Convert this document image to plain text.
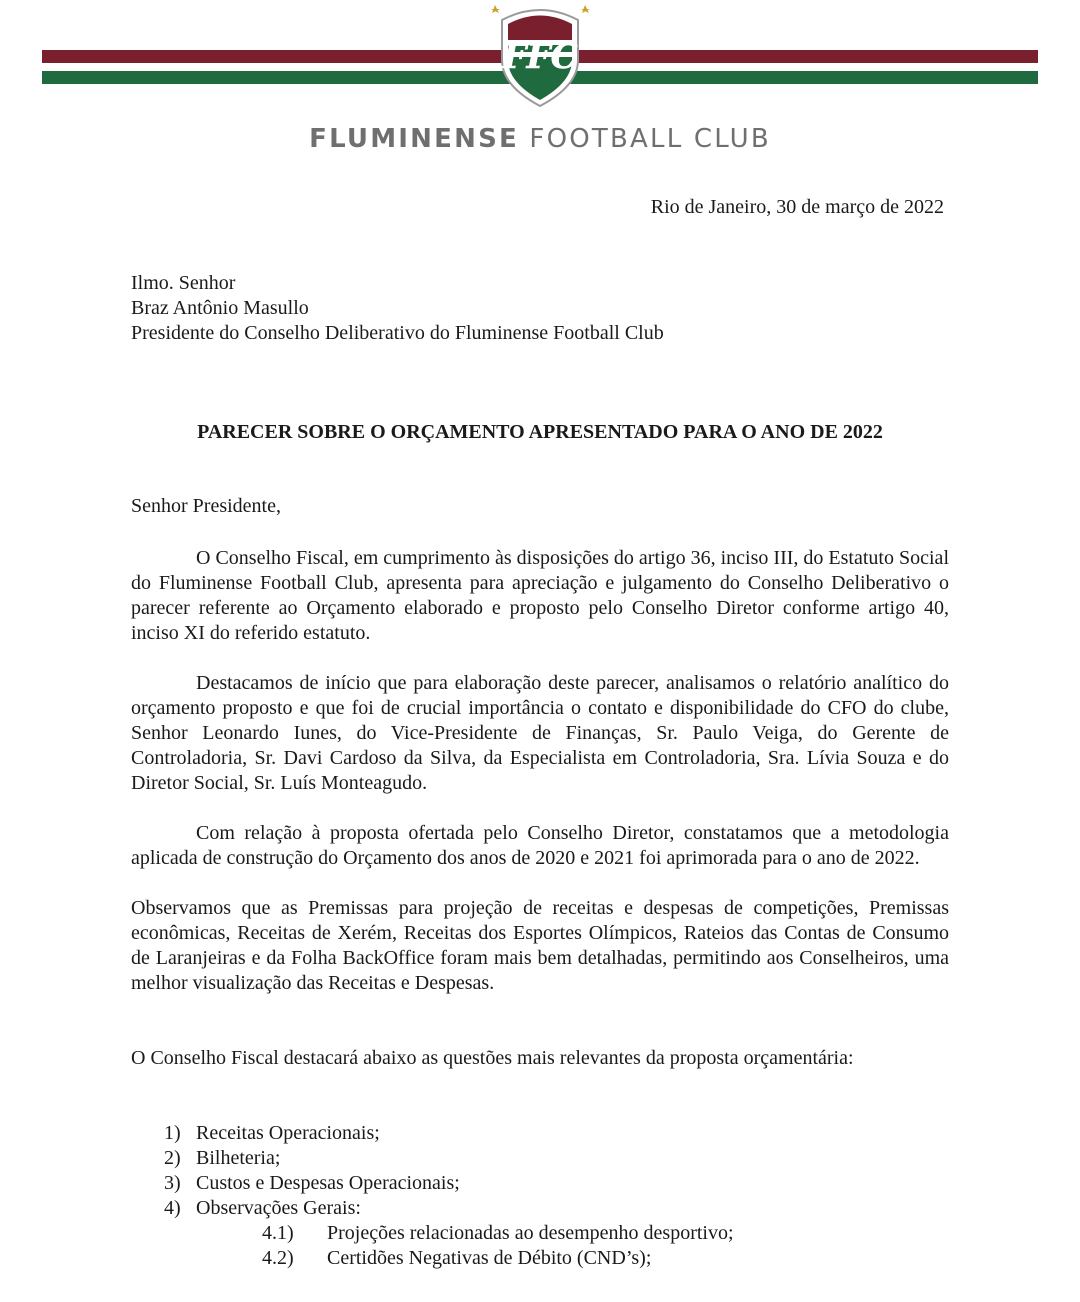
FFC
FLUMINENSE FOOTBALL CLUB
Rio de Janeiro, 30 de março de 2022
Ilmo. Senhor
Braz Antônio Masullo
Presidente do Conselho Deliberativo do Fluminense Football Club
PARECER SOBRE O ORÇAMENTO APRESENTADO PARA O ANO DE 2022
Senhor Presidente,

O Conselho Fiscal, em cumprimento às disposições do artigo 36, inciso III, do Estatuto Social do Fluminense Football Club, apresenta para apreciação e julgamento do Conselho Deliberativo o parecer referente ao Orçamento elaborado e proposto pelo Conselho Diretor conforme artigo 40, inciso XI do referido estatuto.

Destacamos de início que para elaboração deste parecer, analisamos o relatório analítico do orçamento proposto e que foi de crucial importância o contato e disponibilidade do CFO do clube, Senhor Leonardo Iunes, do Vice-Presidente de Finanças, Sr. Paulo Veiga, do Gerente de Controladoria, Sr. Davi Cardoso da Silva, da Especialista em Controladoria, Sra. Lívia Souza e do Diretor Social, Sr. Luís Monteagudo.

Com relação à proposta ofertada pelo Conselho Diretor, constatamos que a metodologia aplicada de construção do Orçamento dos anos de 2020 e 2021 foi aprimorada para o ano de 2022.

Observamos que as Premissas para projeção de receitas e despesas de competições, Premissas econômicas, Receitas de Xerém, Receitas dos Esportes Olímpicos, Rateios das Contas de Consumo de Laranjeiras e da Folha BackOffice foram mais bem detalhadas, permitindo aos Conselheiros, uma melhor visualização das Receitas e Despesas.

O Conselho Fiscal destacará abaixo as questões mais relevantes da proposta orçamentária:

1) Receitas Operacionais;
2) Bilheteria;
3) Custos e Despesas Operacionais;
4) Observações Gerais:
4.1) Projeções relacionadas ao desempenho desportivo;
4.2) Certidões Negativas de Débito (CND’s);
